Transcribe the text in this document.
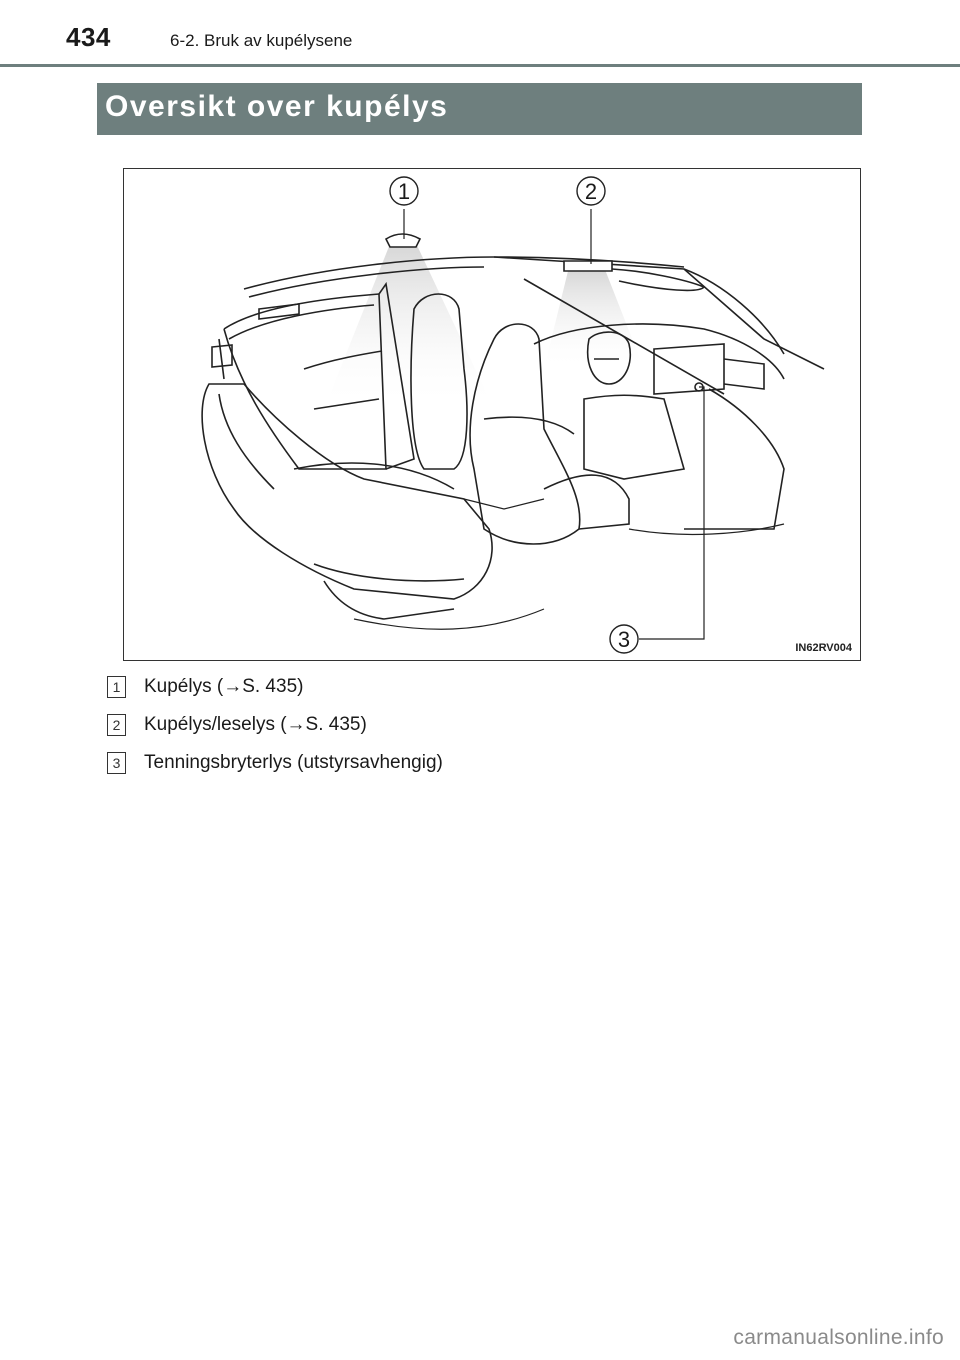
434	6-2. Bruk av kupélysene
Oversikt over kupélys
1	2
3	IN62RV004
1 Kupélys (→S. 435)
2 Kupélys/leselys (→S. 435)
3 Tenningsbryterlys (utstyrsavhengig)
carmanualsonline.info
